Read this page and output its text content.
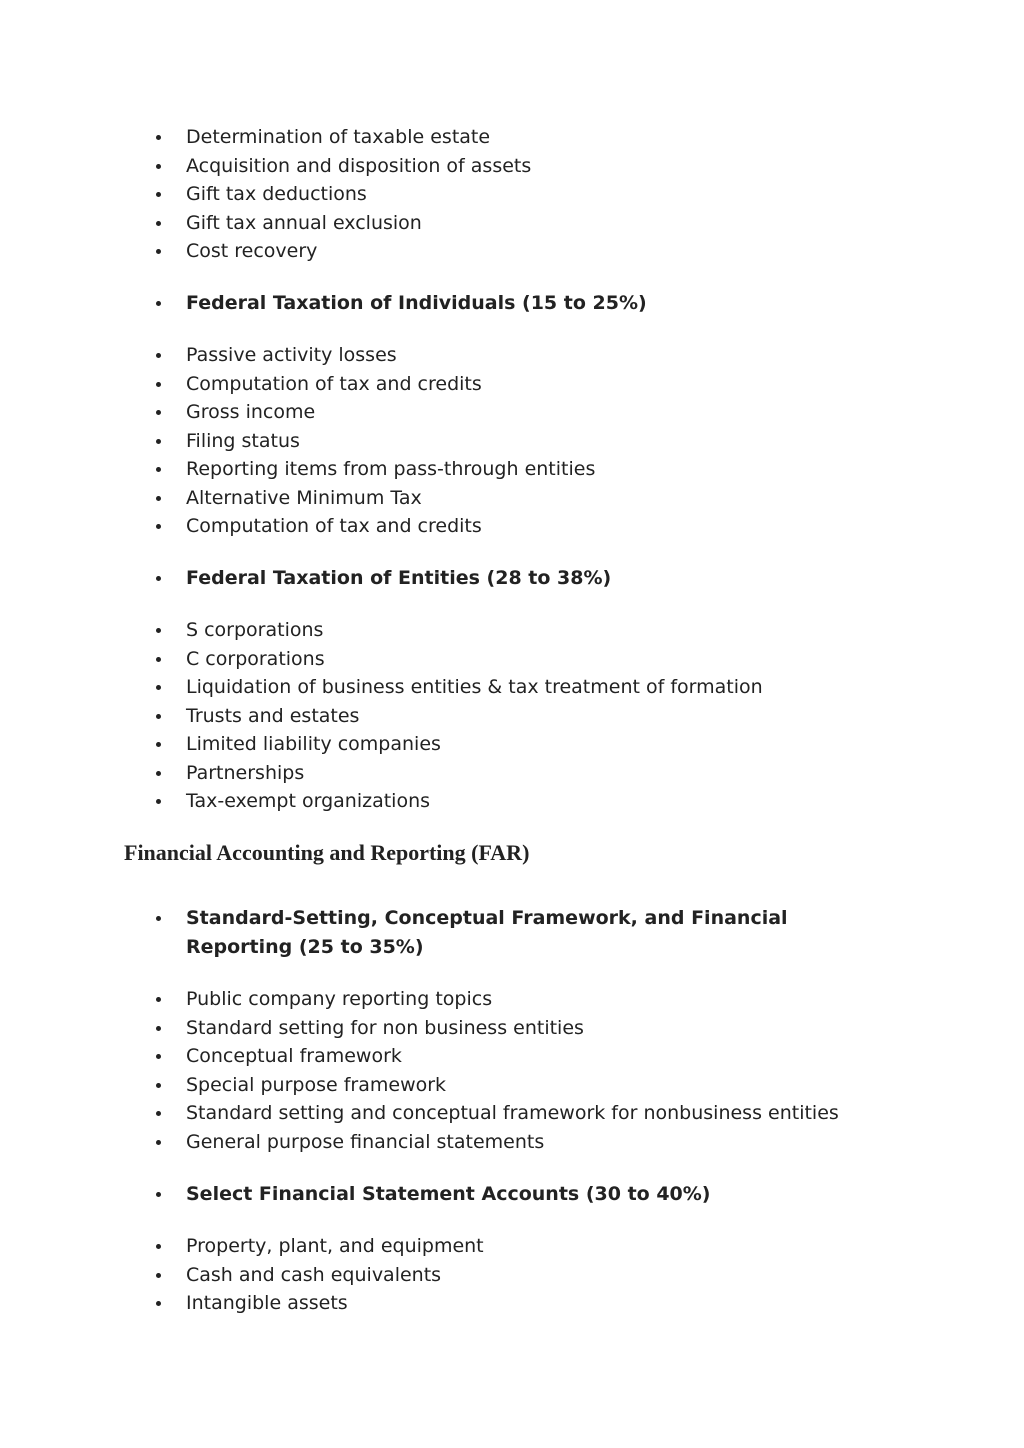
Determination of taxable estate
Acquisition and disposition of assets
Gift tax deductions
Gift tax annual exclusion
Cost recovery
Federal Taxation of Individuals (15 to 25%)
Passive activity losses
Computation of tax and credits
Gross income
Filing status
Reporting items from pass-through entities
Alternative Minimum Tax
Computation of tax and credits
Federal Taxation of Entities (28 to 38%)
S corporations
C corporations
Liquidation of business entities & tax treatment of formation
Trusts and estates
Limited liability companies
Partnerships
Tax-exempt organizations
Financial Accounting and Reporting (FAR)
Standard-Setting, Conceptual Framework, and Financial Reporting (25 to 35%)
Public company reporting topics
Standard setting for non business entities
Conceptual framework
Special purpose framework
Standard setting and conceptual framework for nonbusiness entities
General purpose financial statements
Select Financial Statement Accounts (30 to 40%)
Property, plant, and equipment
Cash and cash equivalents
Intangible assets
